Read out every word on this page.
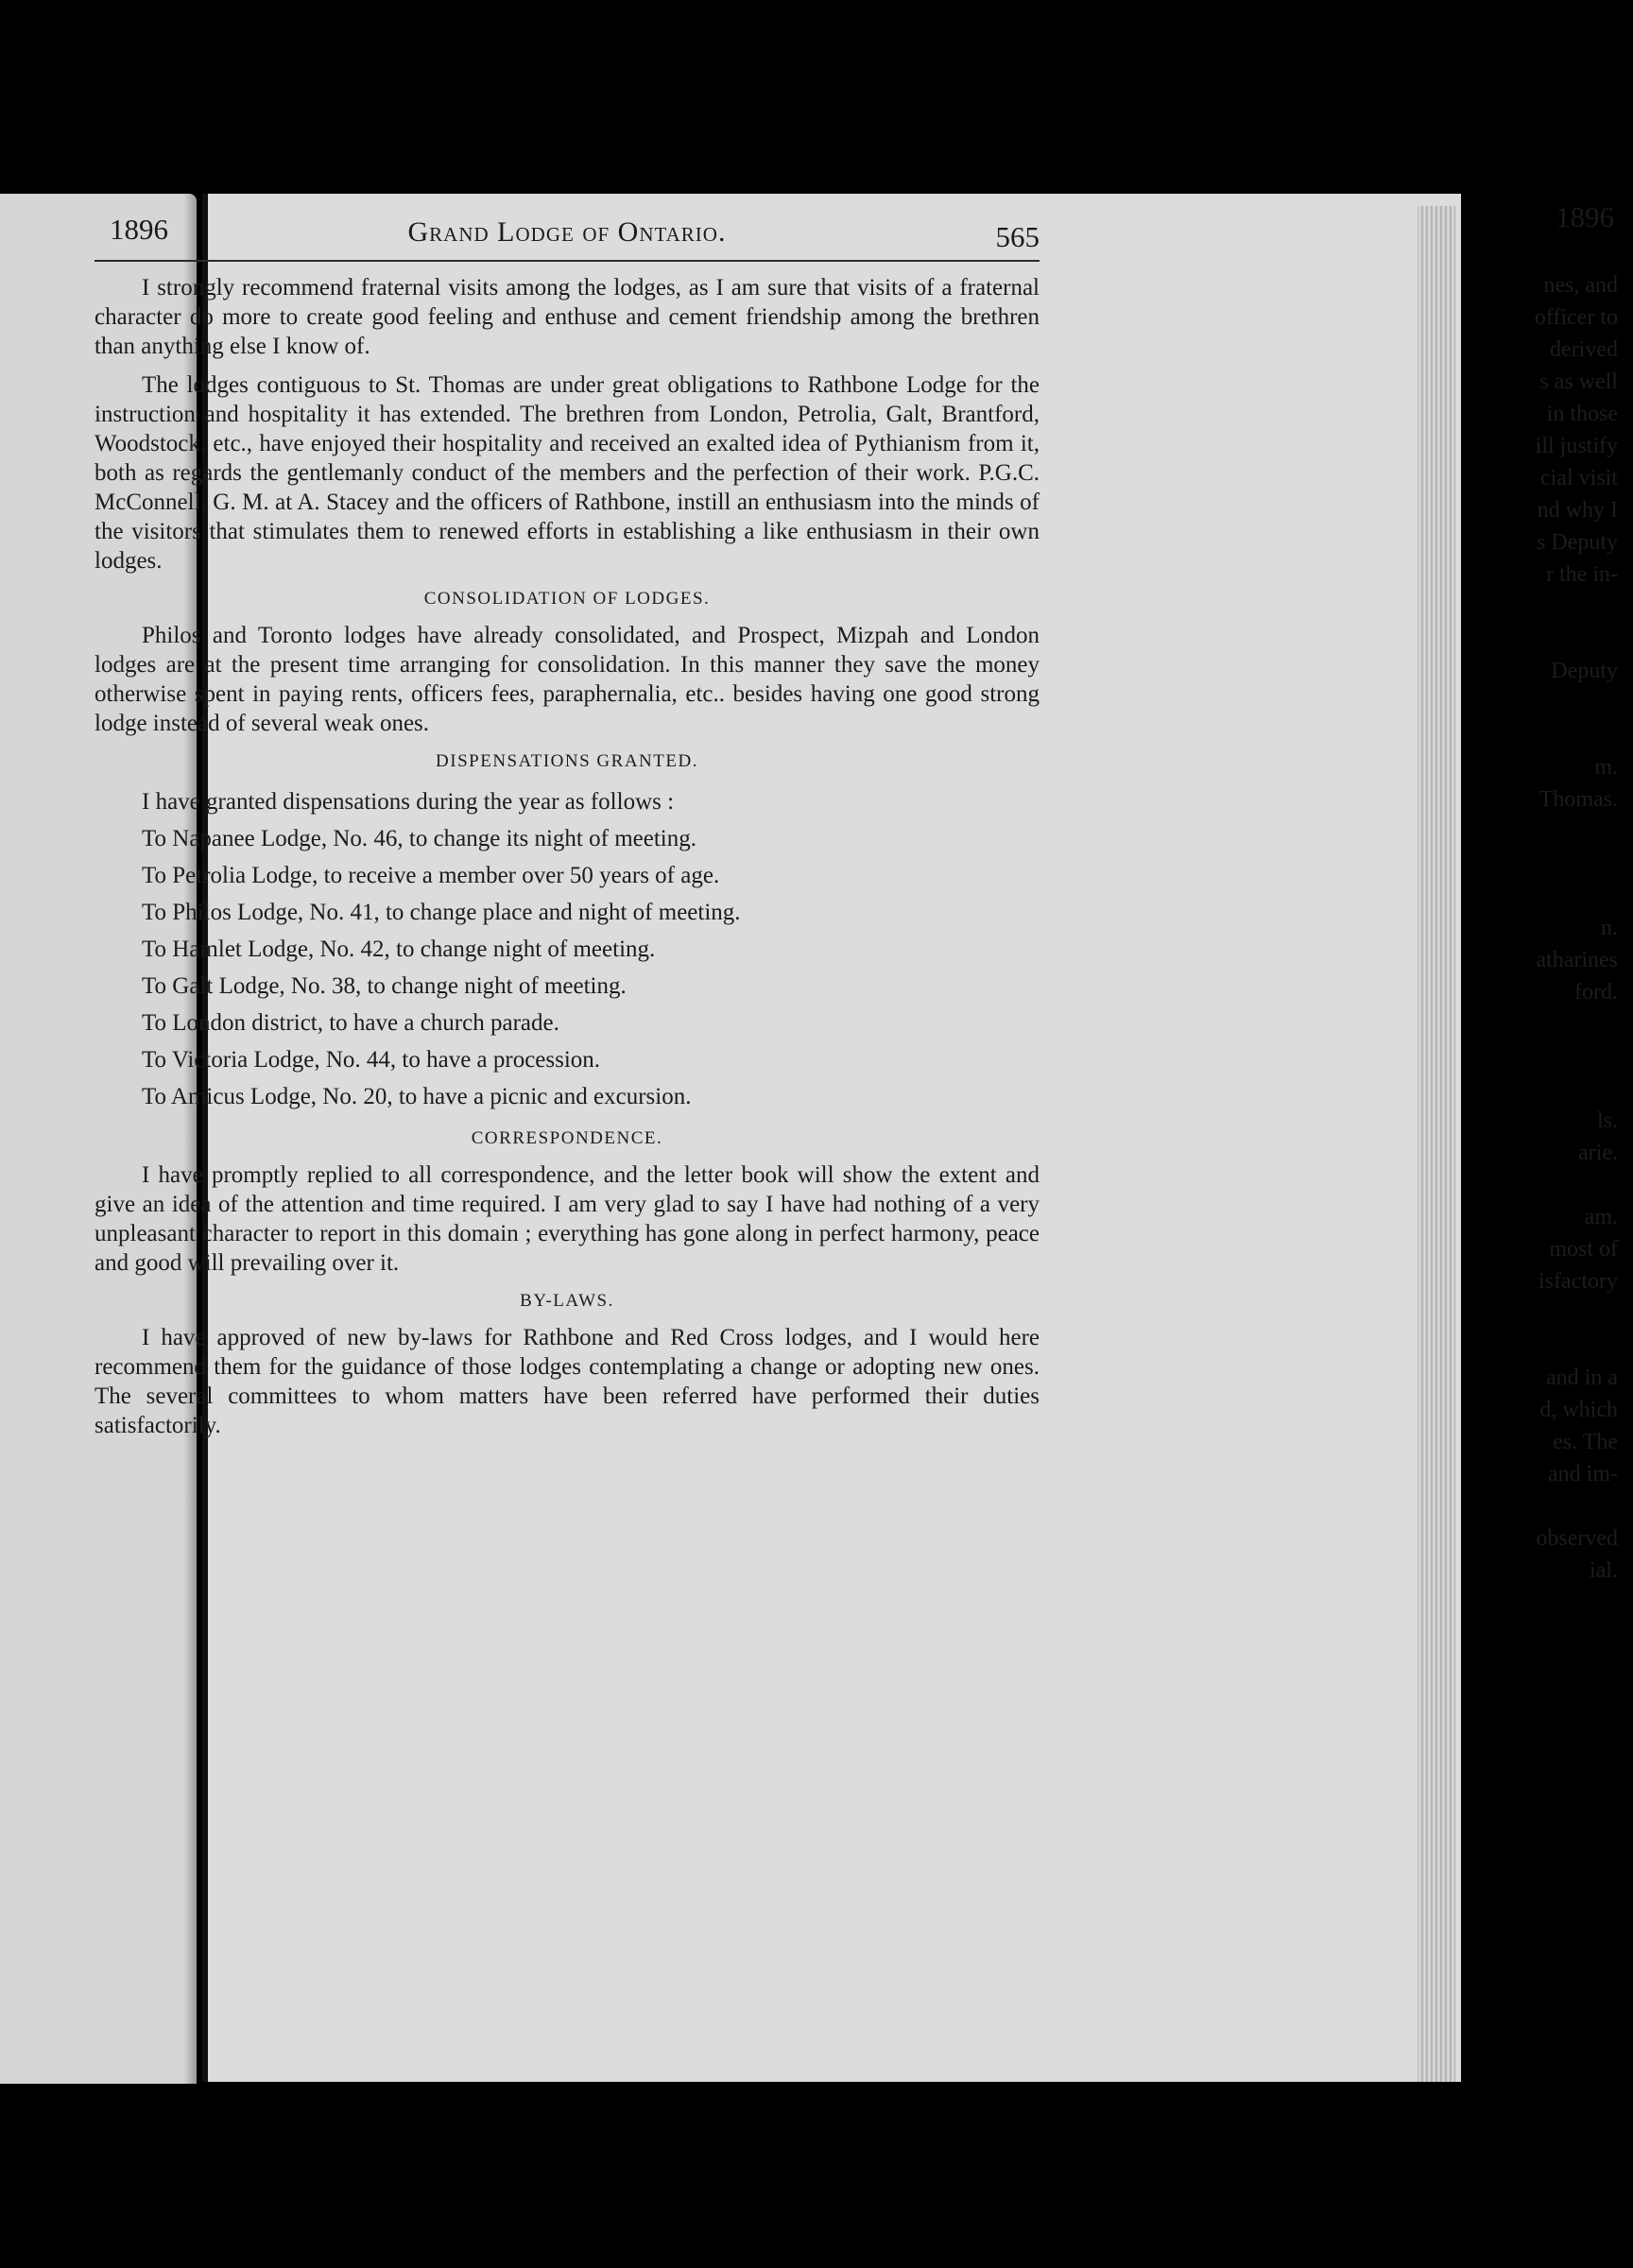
1896
nes, and
officer to
derived
s as well
in those
ill justify
cial visit
nd why I
s Deputy
r the in-
Deputy
m.
Thomas.
n.
atharines
ford.
ls.
arie.
am.
most of
isfactory
and in a
d, which
es. The
and im-
observed
ial.
1896	Grand Lodge of Ontario.	565

I strongly recommend fraternal visits among the lodges, as I am sure that visits of a fraternal character do more to create good feeling and enthuse and cement friendship among the brethren than anything else I know of.

The lodges contiguous to St. Thomas are under great obligations to Rathbone Lodge for the instruction and hospitality it has extended. The brethren from London, Petrolia, Galt, Brantford, Woodstock, etc., have enjoyed their hospitality and received an exalted idea of Pythianism from it, both as regards the gentlemanly conduct of the members and the perfection of their work. P.G.C. McConnell, G. M. at A. Stacey and the officers of Rathbone, instill an enthusiasm into the minds of the visitors that stimulates them to renewed efforts in establishing a like enthusiasm in their own lodges.

CONSOLIDATION OF LODGES.

Philos and Toronto lodges have already consolidated, and Prospect, Mizpah and London lodges are at the present time arranging for consolidation. In this manner they save the money otherwise spent in paying rents, officers fees, paraphernalia, etc.. besides having one good strong lodge instead of several weak ones.

DISPENSATIONS GRANTED.
I have granted dispensations during the year as follows :
To Napanee Lodge, No. 46, to change its night of meeting.
To Petrolia Lodge, to receive a member over 50 years of age.
To Philos Lodge, No. 41, to change place and night of meeting.
To Hamlet Lodge, No. 42, to change night of meeting.
To Galt Lodge, No. 38, to change night of meeting.
To London district, to have a church parade.
To Victoria Lodge, No. 44, to have a procession.
To Amicus Lodge, No. 20, to have a picnic and excursion.
CORRESPONDENCE.

I have promptly replied to all correspondence, and the letter book will show the extent and give an idea of the attention and time required. I am very glad to say I have had nothing of a very unpleasant character to report in this domain ; everything has gone along in perfect harmony, peace and good will prevailing over it.

BY-LAWS.

I have approved of new by-laws for Rathbone and Red Cross lodges, and I would here recommend them for the guidance of those lodges contemplating a change or adopting new ones. The several committees to whom matters have been referred have performed their duties satisfactorily.
